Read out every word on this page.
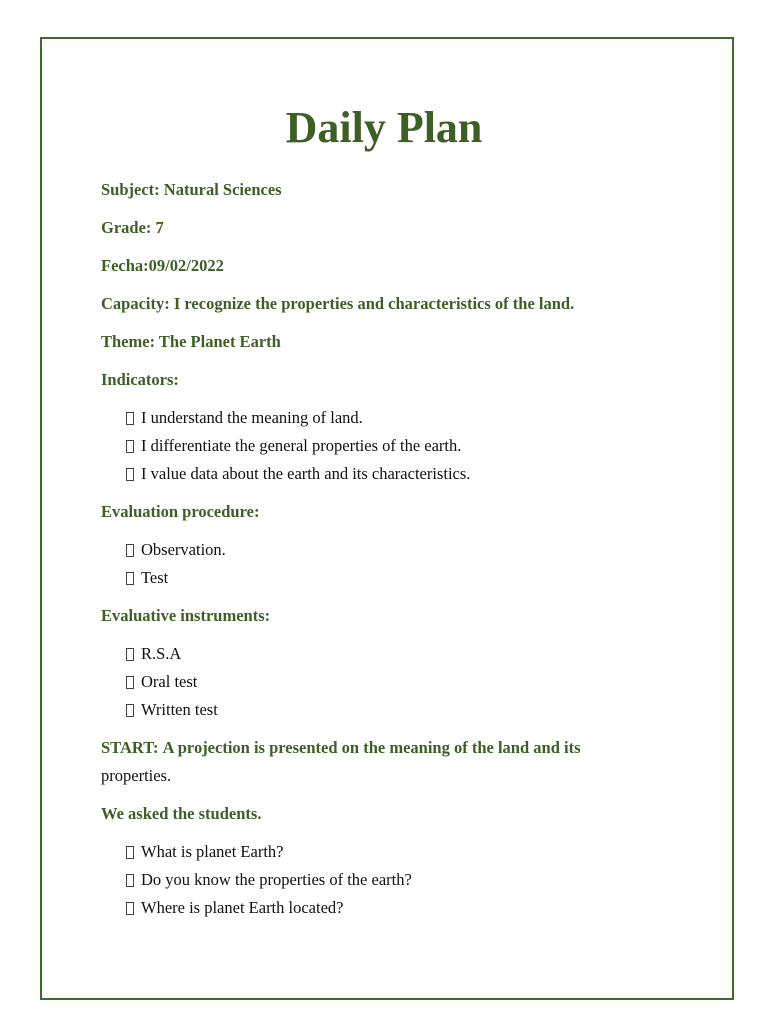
Daily Plan

Subject: Natural Sciences

Grade: 7

Fecha:09/02/2022

Capacity: I recognize the properties and characteristics of the land.

Theme: The Planet Earth

Indicators:

I understand the meaning of land.
I differentiate the general properties of the earth.
I value data about the earth and its characteristics.

Evaluation procedure:

Observation.
Test

Evaluative instruments:

R.S.A
Oral test
Written test

START: A projection is presented on the meaning of the land and its properties.

We asked the students.

What is planet Earth?
Do you know the properties of the earth?
Where is planet Earth located?
